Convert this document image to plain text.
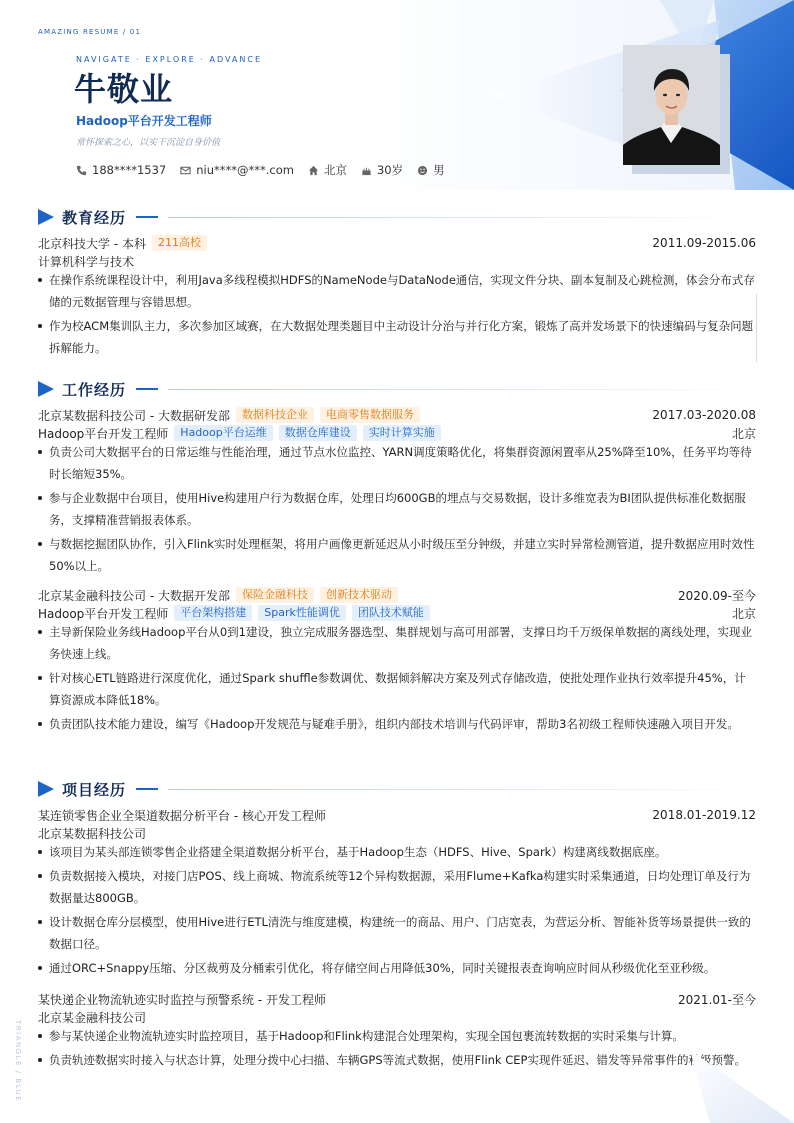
AMAZING RESUME / 01
NAVIGATE · EXPLORE · ADVANCE
牛敬业
Hadoop平台开发工程师
常怀探索之心，以实干沉淀自身价值
188****1537	niu****@***.com	北京	30岁	男
教育经历
北京科技大学 - 本科	211高校	2011.09-2015.06
计算机科学与技术
在操作系统课程设计中，利用Java多线程模拟HDFS的NameNode与DataNode通信，实现文件分块、副本复制及心跳检测，体会分布式存储的元数据管理与容错思想。
作为校ACM集训队主力，多次参加区域赛，在大数据处理类题目中主动设计分治与并行化方案，锻炼了高并发场景下的快速编码与复杂问题拆解能力。
工作经历
北京某数据科技公司 - 大数据研发部	数据科技企业	电商零售数据服务	2017.03-2020.08
Hadoop平台开发工程师	Hadoop平台运维	数据仓库建设	实时计算实施	北京
负责公司大数据平台的日常运维与性能治理，通过节点水位监控、YARN调度策略优化，将集群资源闲置率从25%降至10%，任务平均等待时长缩短35%。
参与企业数据中台项目，使用Hive构建用户行为数据仓库，处理日均600GB的埋点与交易数据，设计多维宽表为BI团队提供标准化数据服务，支撑精准营销报表体系。
与数据挖掘团队协作，引入Flink实时处理框架，将用户画像更新延迟从小时级压至分钟级，并建立实时异常检测管道，提升数据应用时效性50%以上。
北京某金融科技公司 - 大数据开发部	保险金融科技	创新技术驱动	2020.09-至今
Hadoop平台开发工程师	平台架构搭建	Spark性能调优	团队技术赋能	北京
主导新保险业务线Hadoop平台从0到1建设，独立完成服务器选型、集群规划与高可用部署，支撑日均千万级保单数据的离线处理，实现业务快速上线。
针对核心ETL链路进行深度优化，通过Spark shuffle参数调优、数据倾斜解决方案及列式存储改造，使批处理作业执行效率提升45%，计算资源成本降低18%。
负责团队技术能力建设，编写《Hadoop开发规范与疑难手册》，组织内部技术培训与代码评审，帮助3名初级工程师快速融入项目开发。
项目经历
某连锁零售企业全渠道数据分析平台 - 核心开发工程师	2018.01-2019.12
北京某数据科技公司
该项目为某头部连锁零售企业搭建全渠道数据分析平台，基于Hadoop生态（HDFS、Hive、Spark）构建离线数据底座。
负责数据接入模块，对接门店POS、线上商城、物流系统等12个异构数据源，采用Flume+Kafka构建实时采集通道，日均处理订单及行为数据量达800GB。
设计数据仓库分层模型，使用Hive进行ETL清洗与维度建模，构建统一的商品、用户、门店宽表，为营运分析、智能补货等场景提供一致的数据口径。
通过ORC+Snappy压缩、分区裁剪及分桶索引优化，将存储空间占用降低30%，同时关键报表查询响应时间从秒级优化至亚秒级。
某快递企业物流轨迹实时监控与预警系统 - 开发工程师	2021.01-至今
北京某金融科技公司
参与某快递企业物流轨迹实时监控项目，基于Hadoop和Flink构建混合处理架构，实现全国包裹流转数据的实时采集与计算。
负责轨迹数据实时接入与状态计算，处理分拨中心扫描、车辆GPS等流式数据，使用Flink CEP实现件延迟、错发等异常事件的秒级预警。
TRIANGLE / BLUE
